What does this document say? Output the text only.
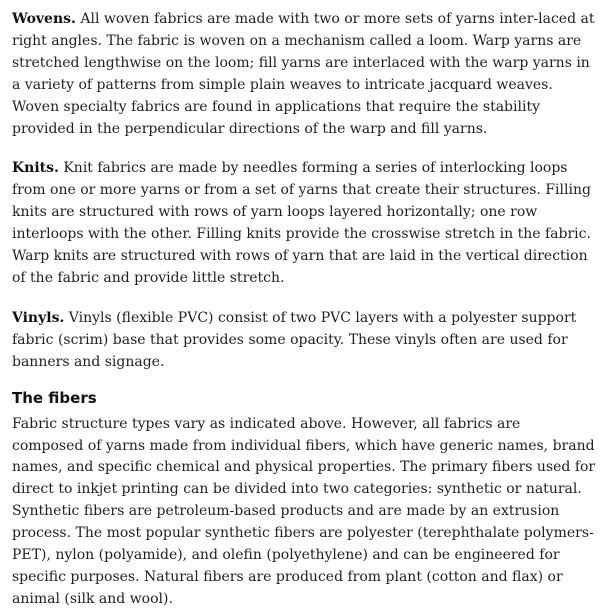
Wovens. All woven fabrics are made with two or more sets of yarns inter-laced at right angles. The fabric is woven on a mechanism called a loom. Warp yarns are stretched lengthwise on the loom; fill yarns are interlaced with the warp yarns in a variety of patterns from simple plain weaves to intricate jacquard weaves. Woven specialty fabrics are found in applications that require the stability provided in the perpendicular directions of the warp and fill yarns.

Knits. Knit fabrics are made by needles forming a series of interlocking loops from one or more yarns or from a set of yarns that create their structures. Filling knits are structured with rows of yarn loops layered horizontally; one row interloops with the other. Filling knits provide the crosswise stretch in the fabric. Warp knits are structured with rows of yarn that are laid in the vertical direction of the fabric and provide little stretch.

Vinyls. Vinyls (flexible PVC) consist of two PVC layers with a polyester support fabric (scrim) base that provides some opacity. These vinyls often are used for banners and signage.

The fibers

Fabric structure types vary as indicated above. However, all fabrics are composed of yarns made from individual fibers, which have generic names, brand names, and specific chemical and physical properties. The primary fibers used for direct to inkjet printing can be divided into two categories: synthetic or natural. Synthetic fibers are petroleum-based products and are made by an extrusion process. The most popular synthetic fibers are polyester (terephthalate polymers-PET), nylon (polyamide), and olefin (polyethylene) and can be engineered for specific purposes. Natural fibers are produced from plant (cotton and flax) or animal (silk and wool).
